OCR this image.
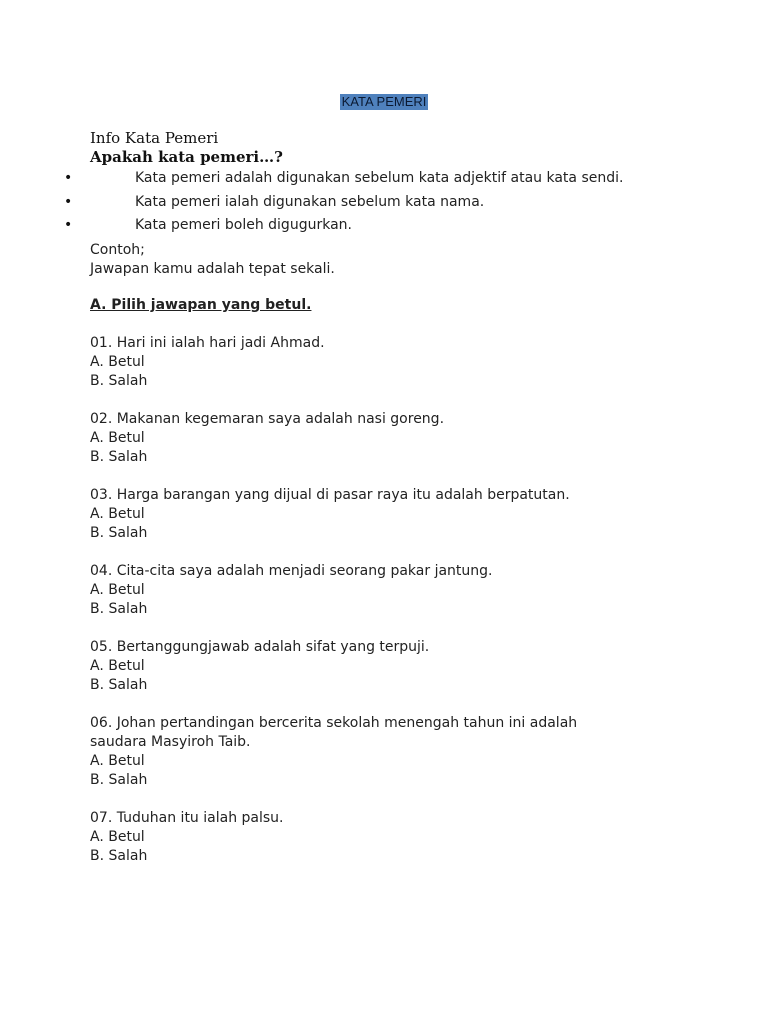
KATA PEMERI
Info Kata Pemeri
Apakah kata pemeri…?
•	Kata pemeri adalah digunakan sebelum kata adjektif atau kata sendi.
•	Kata pemeri ialah digunakan sebelum kata nama.
•	Kata pemeri boleh digugurkan.
Contoh;
Jawapan kamu adalah tepat sekali.
A. Pilih jawapan yang betul.
01. Hari ini ialah hari jadi Ahmad.
A. Betul
B. Salah
02. Makanan kegemaran saya adalah nasi goreng.
A. Betul
B. Salah
03. Harga barangan yang dijual di pasar raya itu adalah berpatutan.
A. Betul
B. Salah
04. Cita-cita saya adalah menjadi seorang pakar jantung.
A. Betul
B. Salah
05. Bertanggungjawab adalah sifat yang terpuji.
A. Betul
B. Salah
06. Johan pertandingan bercerita sekolah menengah tahun ini adalah
saudara Masyiroh Taib.
A. Betul
B. Salah
07. Tuduhan itu ialah palsu.
A. Betul
B. Salah
